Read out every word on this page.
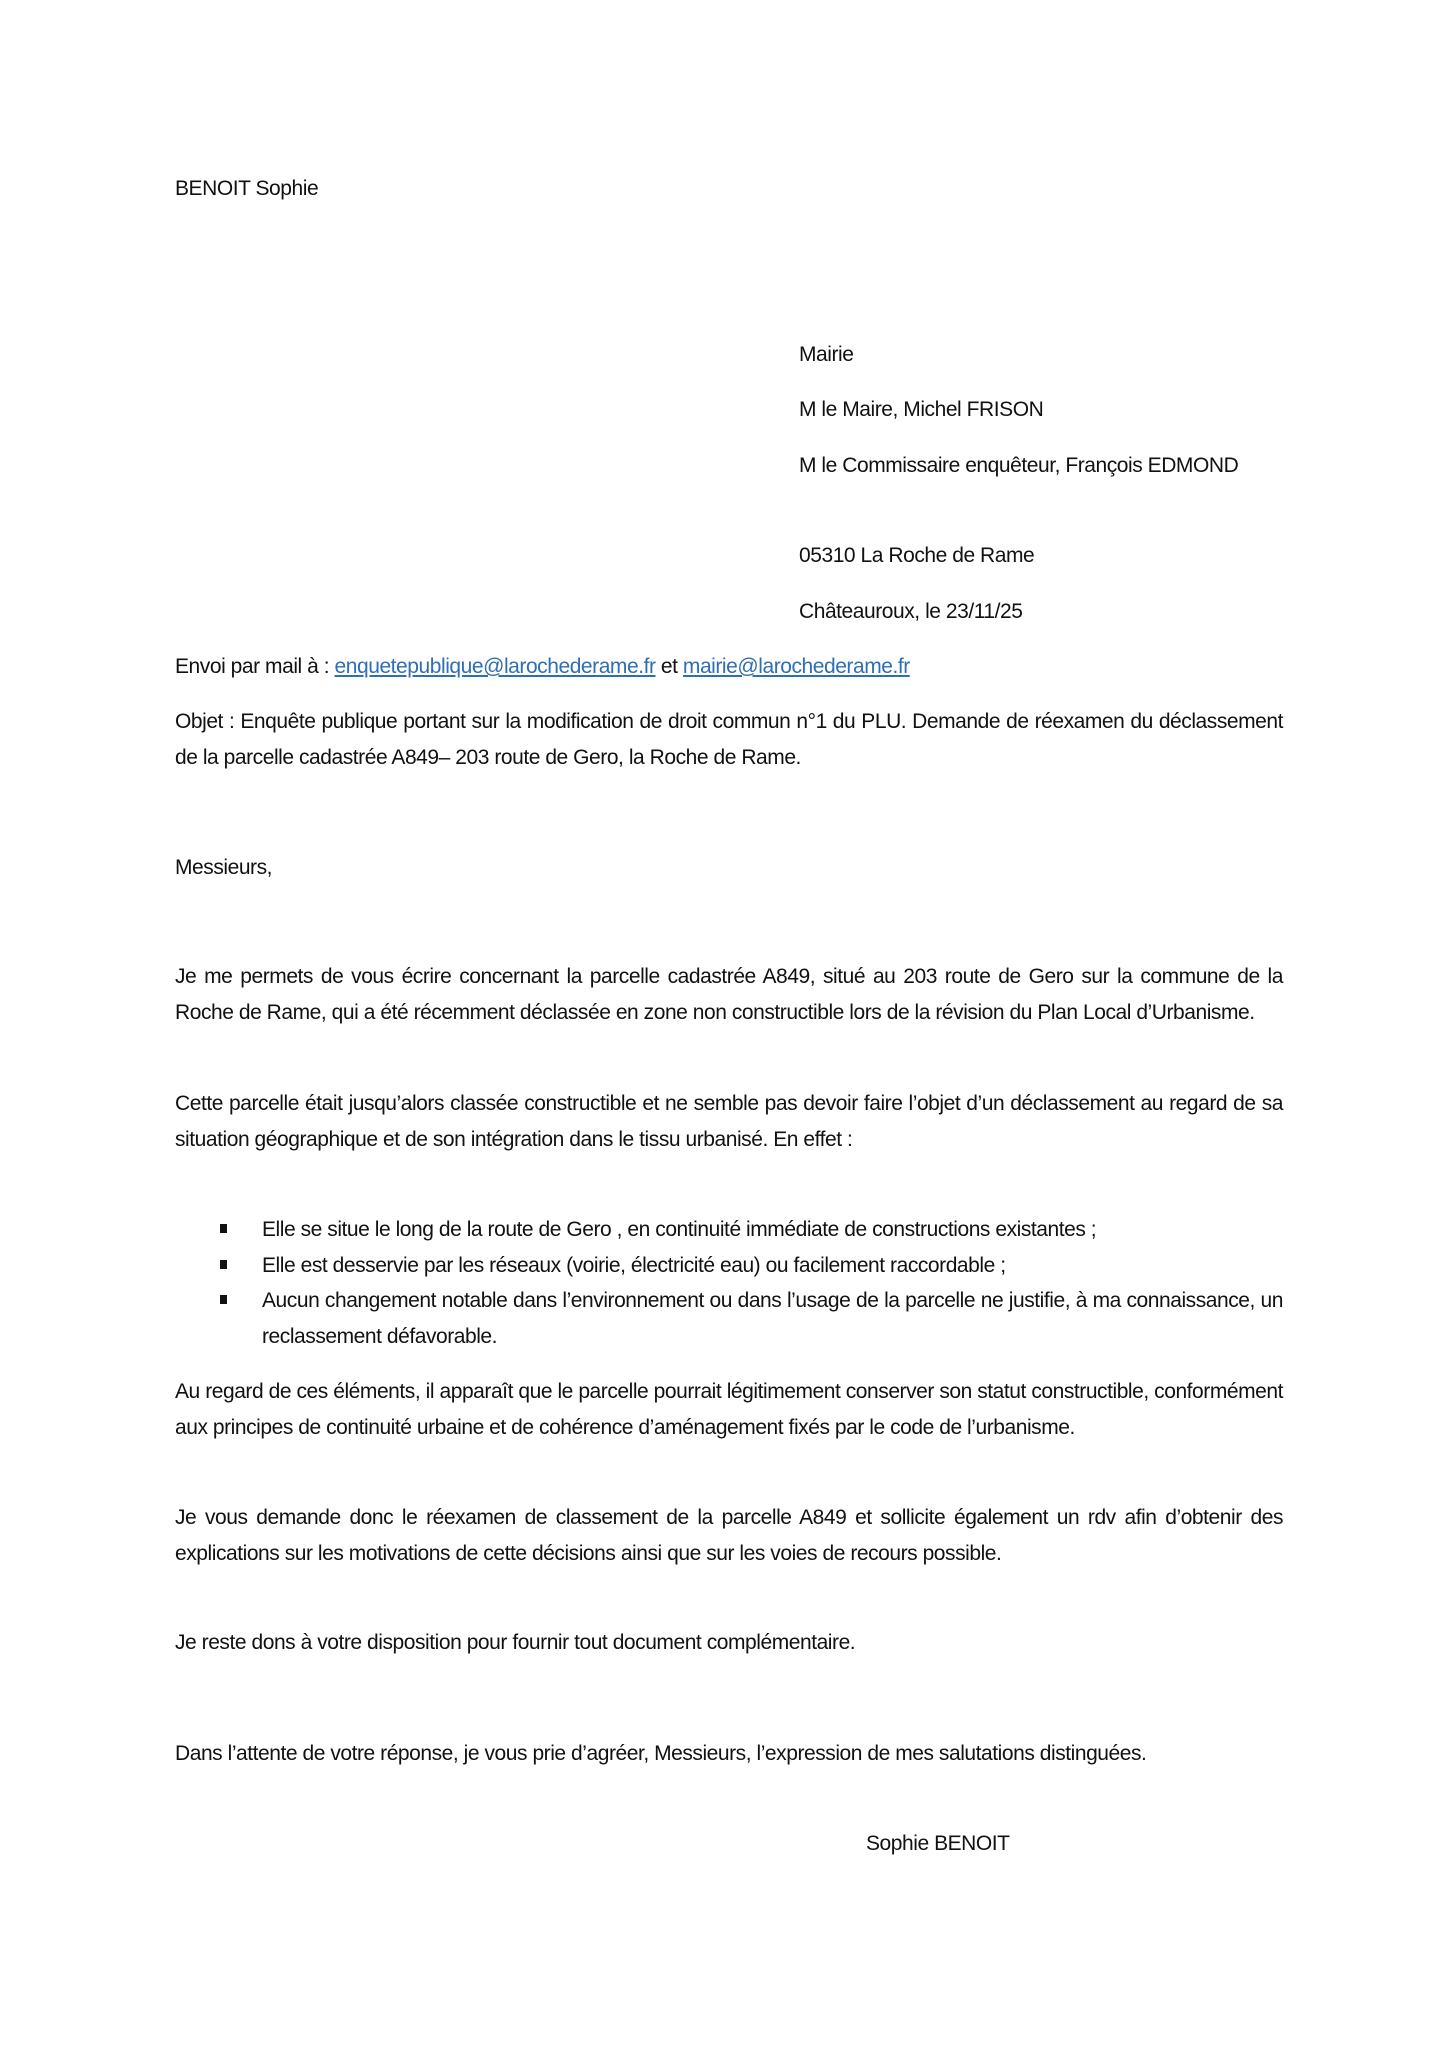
BENOIT Sophie
Mairie
M le Maire, Michel FRISON
M le Commissaire enquêteur, François EDMOND
05310 La Roche de Rame
Châteauroux, le 23/11/25
Envoi par mail à : enquetepublique@larochederame.fr et mairie@larochederame.fr
Objet : Enquête publique portant sur la modification de droit commun n°1 du PLU. Demande de réexamen du déclassement de la parcelle cadastrée A849– 203 route de Gero, la Roche de Rame.
Messieurs,
Je me permets de vous écrire concernant la parcelle cadastrée A849, situé au 203 route de Gero sur la commune de la Roche de Rame, qui a été récemment déclassée en zone non constructible lors de la révision du Plan Local d’Urbanisme.
Cette parcelle était jusqu’alors classée constructible et ne semble pas devoir faire l’objet d’un déclassement au regard de sa situation géographique et de son intégration dans le tissu urbanisé. En effet :
Elle se situe le long de la route de Gero , en continuité immédiate de constructions existantes ;
Elle est desservie par les réseaux (voirie, électricité eau) ou facilement raccordable ;
Aucun changement notable dans l’environnement ou dans l’usage de la parcelle ne justifie, à ma connaissance, un reclassement défavorable.
Au regard de ces éléments, il apparaît que le parcelle pourrait légitimement conserver son statut constructible, conformément aux principes de continuité urbaine et de cohérence d’aménagement fixés par le code de l’urbanisme.
Je vous demande donc le réexamen de classement de la parcelle A849 et sollicite également un rdv afin d’obtenir des explications sur les motivations de cette décisions ainsi que sur les voies de recours possible.
Je reste dons à votre disposition pour fournir tout document complémentaire.
Dans l’attente de votre réponse, je vous prie d’agréer, Messieurs, l’expression de mes salutations distinguées.
Sophie BENOIT
